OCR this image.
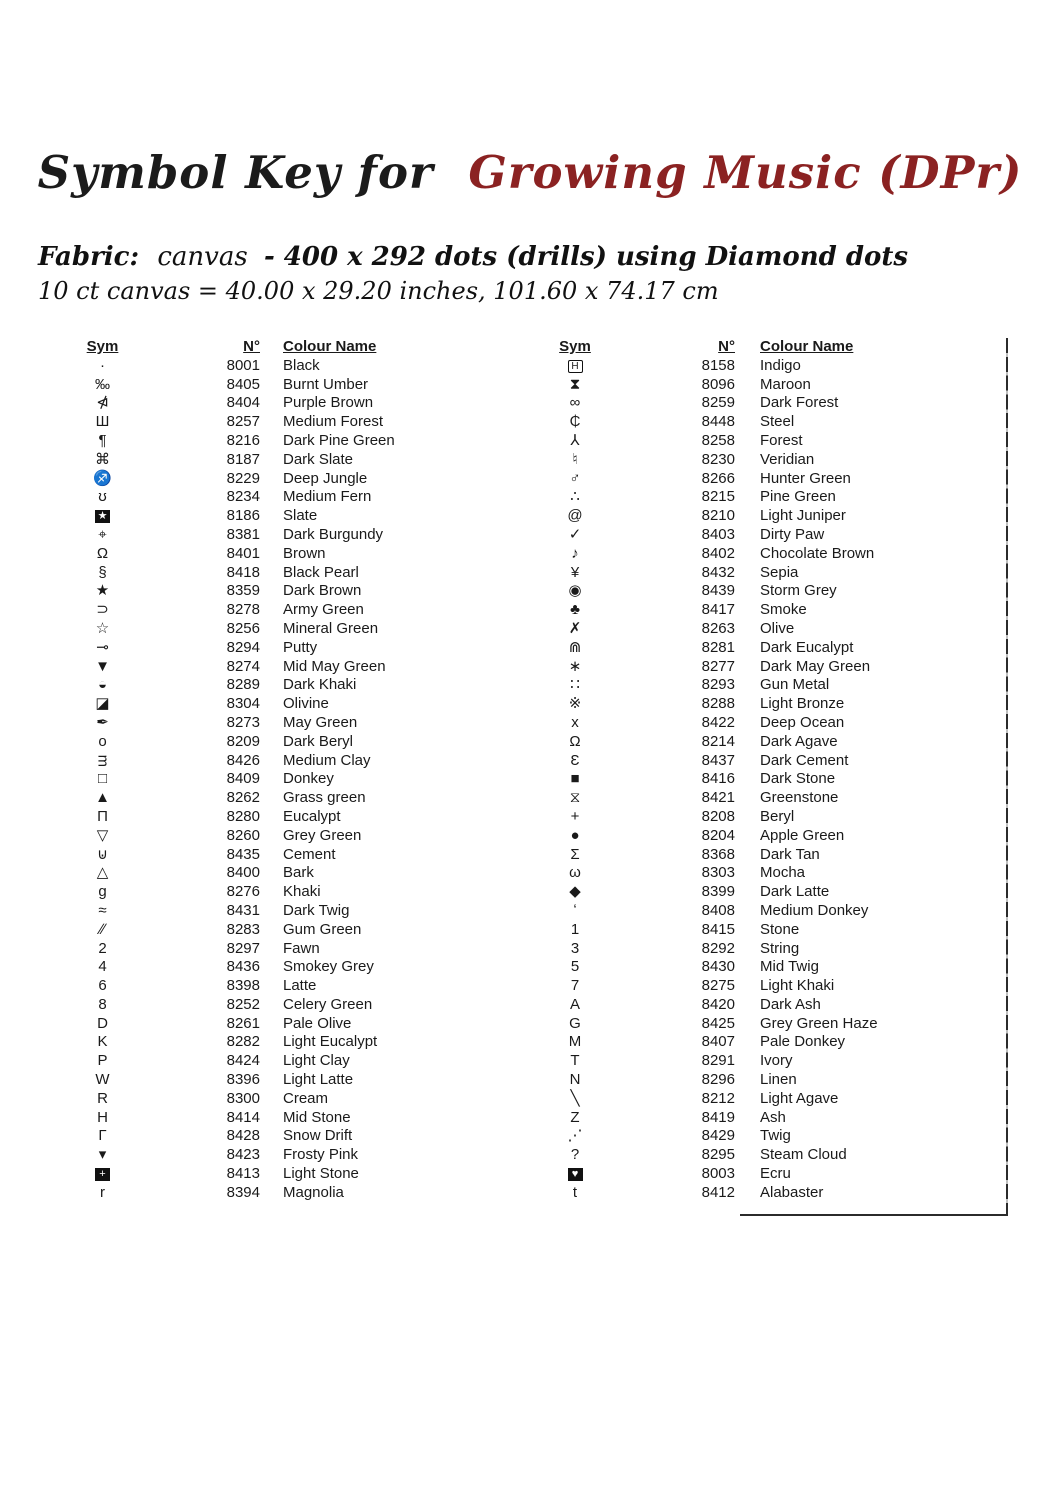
Symbol Key for Growing Music (DPr)
Fabric: canvas - 400 x 292 dots (drills) using Diamond dots
10 ct canvas = 40.00 x 29.20 inches, 101.60 x 74.17 cm
Sym	N°	Colour Name
·	8001	Black
‰	8405	Burnt Umber
⋪	8404	Purple Brown
Ш	8257	Medium Forest
¶	8216	Dark Pine Green
⌘	8187	Dark Slate
♐	8229	Deep Jungle
ʊ	8234	Medium Fern
★	8186	Slate
⌖	8381	Dark Burgundy
Ω	8401	Brown
§	8418	Black Pearl
★	8359	Dark Brown
⊃	8278	Army Green
☆	8256	Mineral Green
⊸	8294	Putty
▼	8274	Mid May Green
◒	8289	Dark Khaki
◪	8304	Olivine
✒	8273	May Green
o	8209	Dark Beryl
ᴟ	8426	Medium Clay
□	8409	Donkey
▲	8262	Grass green
Π	8280	Eucalypt
▽	8260	Grey Green
⊍	8435	Cement
△	8400	Bark
g	8276	Khaki
≈	8431	Dark Twig
∕∕	8283	Gum Green
2	8297	Fawn
4	8436	Smokey Grey
6	8398	Latte
8	8252	Celery Green
D	8261	Pale Olive
K	8282	Light Eucalypt
P	8424	Light Clay
W	8396	Light Latte
R	8300	Cream
H	8414	Mid Stone
Γ	8428	Snow Drift
▾	8423	Frosty Pink
+	8413	Light Stone
r	8394	Magnolia
Sym	N°	Colour Name
H	8158	Indigo
⧗	8096	Maroon
∞	8259	Dark Forest
₵	8448	Steel
⅄	8258	Forest
♮	8230	Veridian
♂	8266	Hunter Green
∴	8215	Pine Green
@	8210	Light Juniper
✓	8403	Dirty Paw
♪	8402	Chocolate Brown
¥	8432	Sepia
◉	8439	Storm Grey
♣	8417	Smoke
✗	8263	Olive
⋒	8281	Dark Eucalypt
∗	8277	Dark May Green
∷	8293	Gun Metal
※	8288	Light Bronze
x	8422	Deep Ocean
Ω	8214	Dark Agave
Ɛ	8437	Dark Cement
■	8416	Dark Stone
⧖	8421	Greenstone
+	8208	Beryl
●	8204	Apple Green
Σ	8368	Dark Tan
ω	8303	Mocha
◆	8399	Dark Latte
ʻ	8408	Medium Donkey
1	8415	Stone
3	8292	String
5	8430	Mid Twig
7	8275	Light Khaki
A	8420	Dark Ash
G	8425	Grey Green Haze
M	8407	Pale Donkey
T	8291	Ivory
N	8296	Linen
╲	8212	Light Agave
Z	8419	Ash
⋰	8429	Twig
?	8295	Steam Cloud
♥	8003	Ecru
t	8412	Alabaster
